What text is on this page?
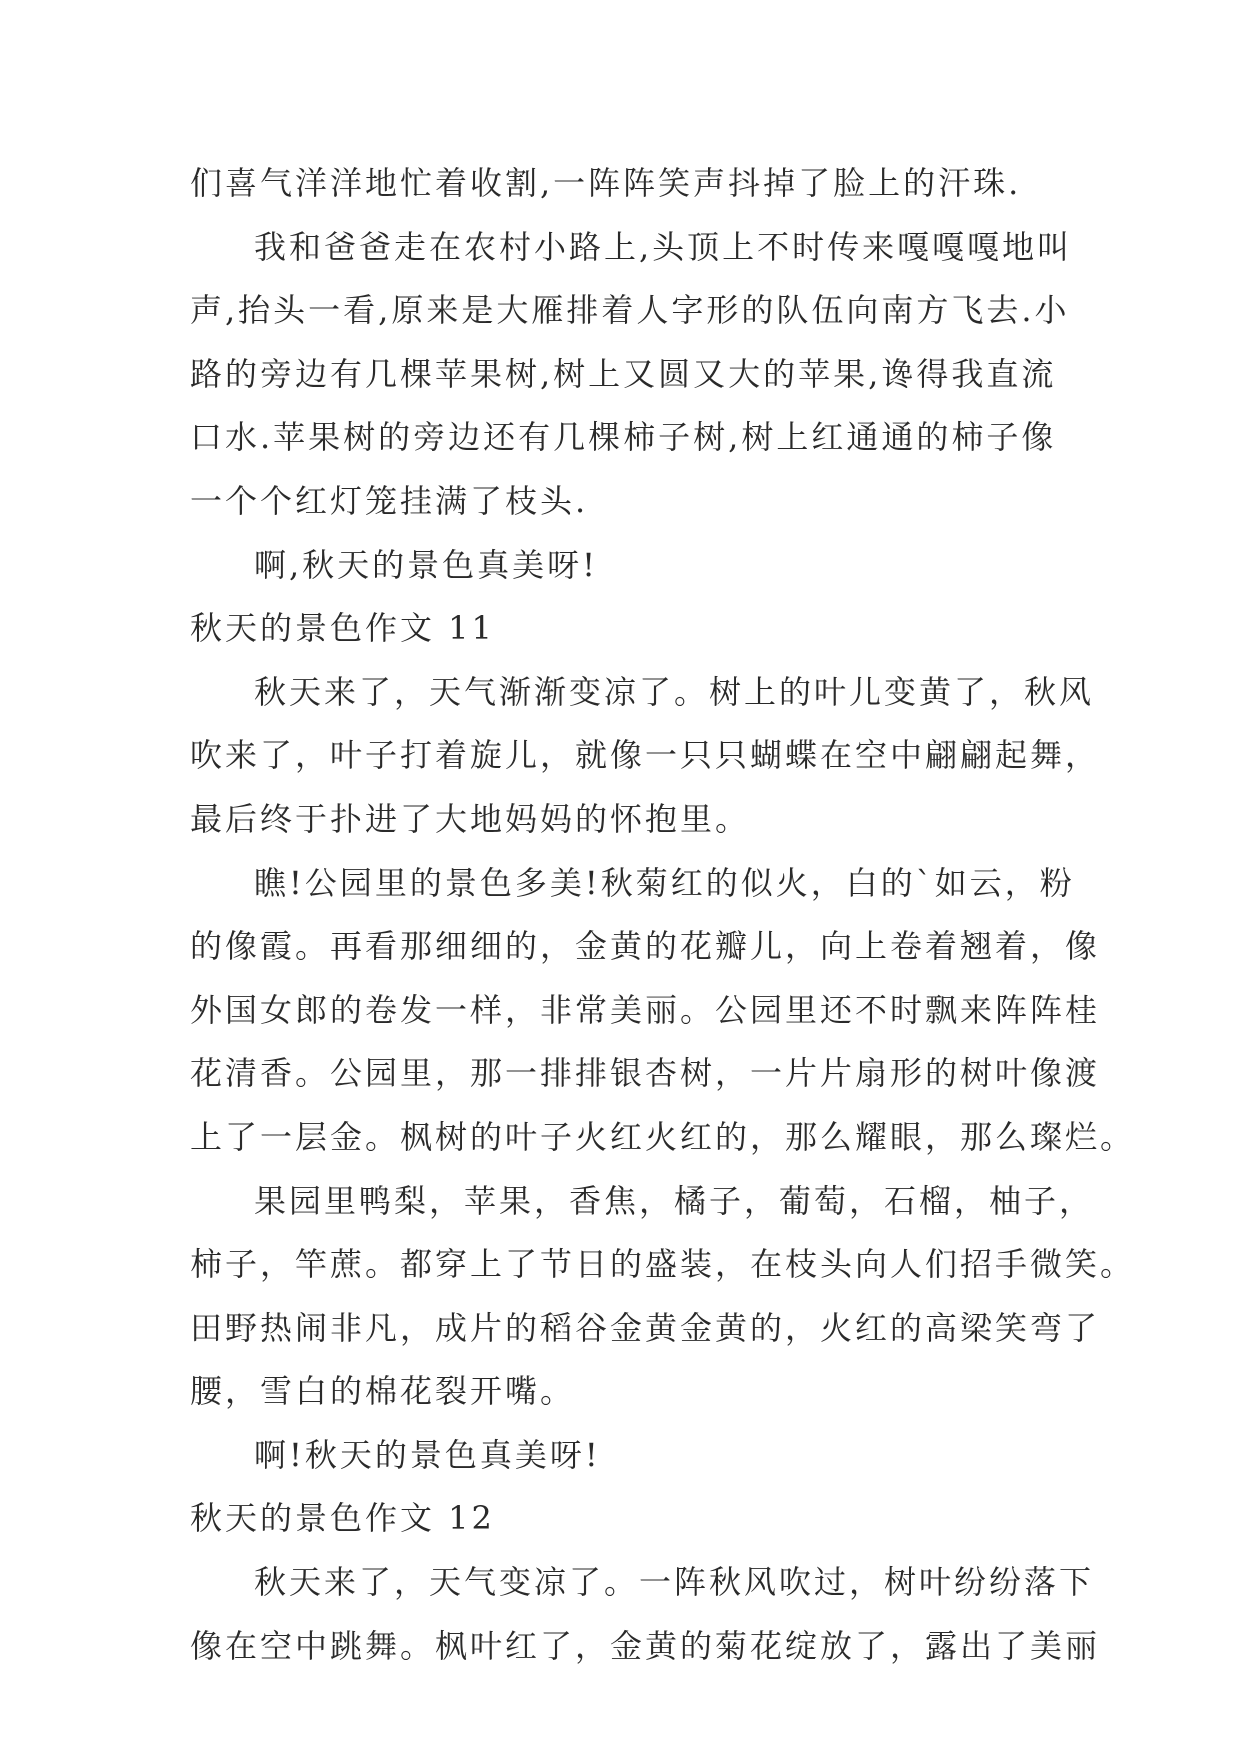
们喜气洋洋地忙着收割,一阵阵笑声抖掉了脸上的汗珠.
我和爸爸走在农村小路上,头顶上不时传来嘎嘎嘎地叫
声,抬头一看,原来是大雁排着人字形的队伍向南方飞去.小
路的旁边有几棵苹果树,树上又圆又大的苹果,谗得我直流
口水.苹果树的旁边还有几棵柿子树,树上红通通的柿子像
一个个红灯笼挂满了枝头.
啊,秋天的景色真美呀!
秋天的景色作文 11
秋天来了，天气渐渐变凉了。树上的叶儿变黄了，秋风
吹来了，叶子打着旋儿，就像一只只蝴蝶在空中翩翩起舞，
最后终于扑进了大地妈妈的怀抱里。
瞧!公园里的景色多美!秋菊红的似火，白的`如云，粉
的像霞。再看那细细的，金黄的花瓣儿，向上卷着翘着，像
外国女郎的卷发一样，非常美丽。公园里还不时飘来阵阵桂
花清香。公园里，那一排排银杏树，一片片扇形的树叶像渡
上了一层金。枫树的叶子火红火红的，那么耀眼，那么璨烂。
果园里鸭梨，苹果，香焦，橘子，葡萄，石榴，柚子，
柿子，竿蔗。都穿上了节日的盛装，在枝头向人们招手微笑。
田野热闹非凡，成片的稻谷金黄金黄的，火红的高梁笑弯了
腰，雪白的棉花裂开嘴。
啊!秋天的景色真美呀!
秋天的景色作文 12
秋天来了，天气变凉了。一阵秋风吹过，树叶纷纷落下
像在空中跳舞。枫叶红了，金黄的菊花绽放了，露出了美丽
